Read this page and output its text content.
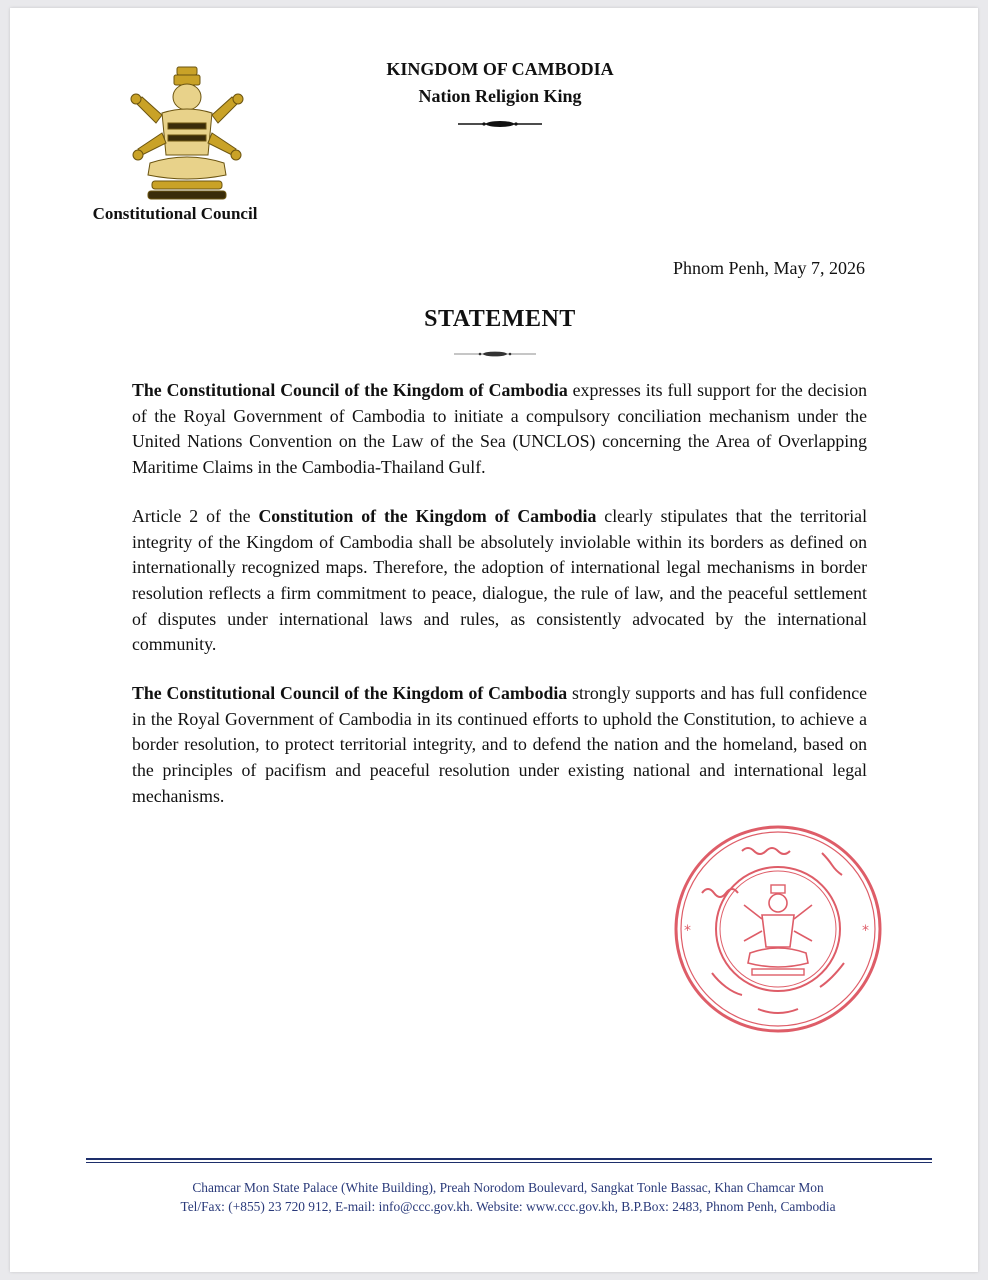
Constitutional Council
KINGDOM OF CAMBODIA
Nation Religion King
Phnom Penh, May 7, 2026
STATEMENT

The Constitutional Council of the Kingdom of Cambodia expresses its full support for the decision of the Royal Government of Cambodia to initiate a compulsory conciliation mechanism under the United Nations Convention on the Law of the Sea (UNCLOS) concerning the Area of Overlapping Maritime Claims in the Cambodia-Thailand Gulf.

Article 2 of the Constitution of the Kingdom of Cambodia clearly stipulates that the territorial integrity of the Kingdom of Cambodia shall be absolutely inviolable within its borders as defined on internationally recognized maps. Therefore, the adoption of international legal mechanisms in border resolution reflects a firm commitment to peace, dialogue, the rule of law, and the peaceful settlement of disputes under international laws and rules, as consistently advocated by the international community.

The Constitutional Council of the Kingdom of Cambodia strongly supports and has full confidence in the Royal Government of Cambodia in its continued efforts to uphold the Constitution, to achieve a border resolution, to protect territorial integrity, and to defend the nation and the homeland, based on the principles of pacifism and peaceful resolution under existing national and international legal mechanisms.

*	*
Chamcar Mon State Palace (White Building), Preah Norodom Boulevard, Sangkat Tonle Bassac, Khan Chamcar Mon
Tel/Fax: (+855) 23 720 912, E-mail: info@ccc.gov.kh. Website: www.ccc.gov.kh, B.P.Box: 2483, Phnom Penh, Cambodia
